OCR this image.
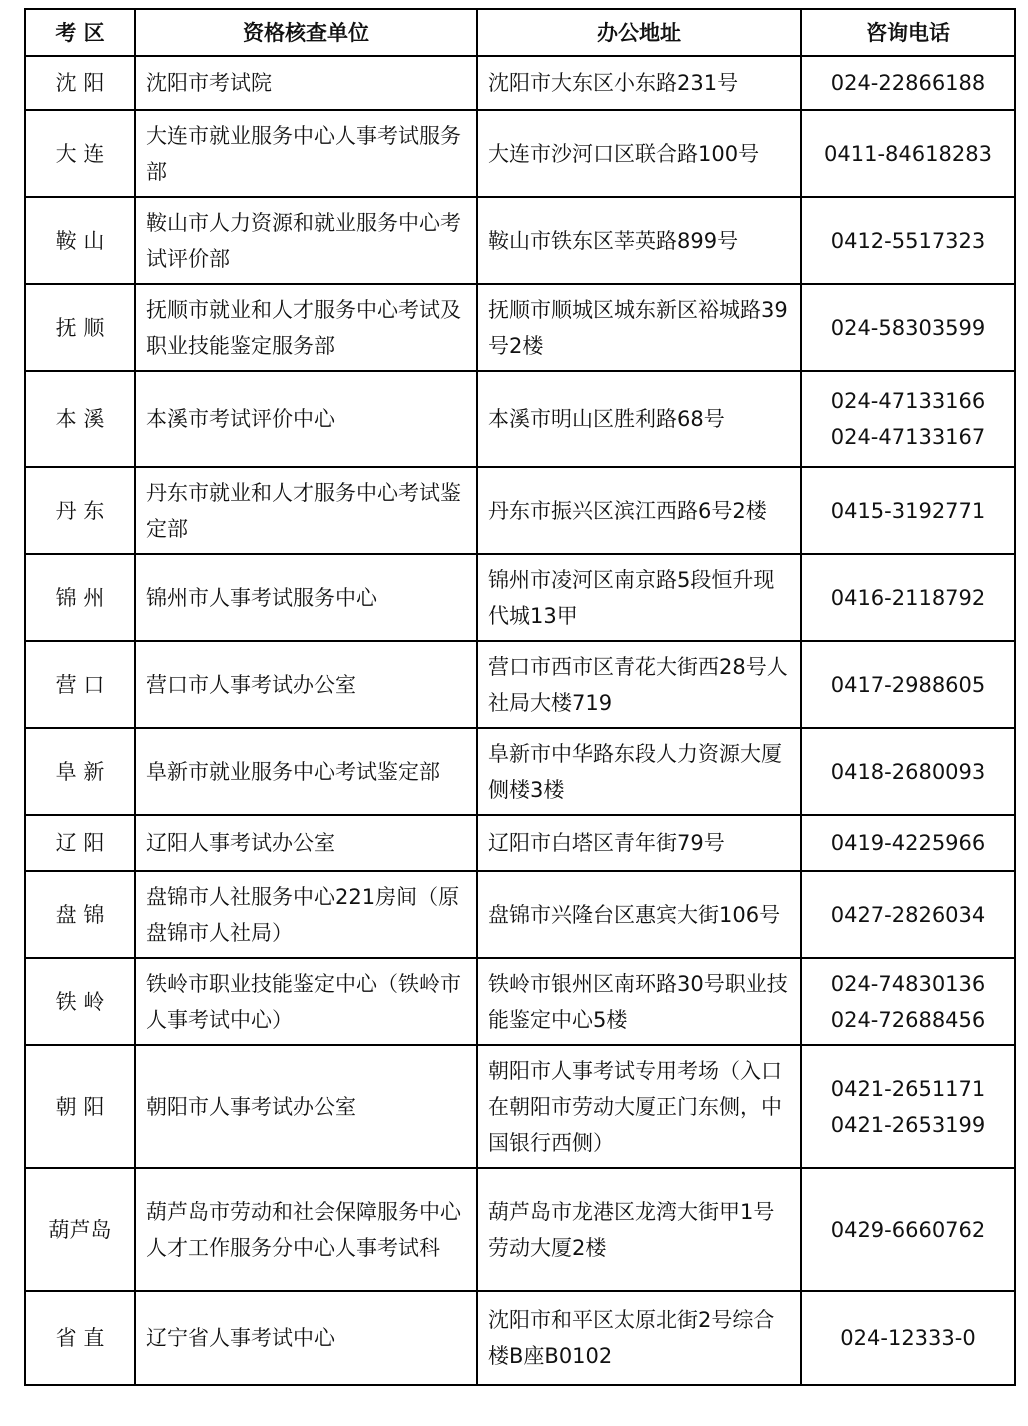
考 区	资格核查单位	办公地址	咨询电话
沈 阳	沈阳市考试院	沈阳市大东区小东路231号	024-22866188

大 连	大连市就业服务中心人事考试服务部	大连市沙河口区联合路100号	0411-84618283

鞍 山	鞍山市人力资源和就业服务中心考试评价部	鞍山市铁东区莘英路899号	0412-5517323

抚 顺	抚顺市就业和人才服务中心考试及职业技能鉴定服务部	抚顺市顺城区城东新区裕城路39号2楼	024-58303599

本 溪	本溪市考试评价中心	本溪市明山区胜利路68号	024-47133166
024-47133167

丹 东	丹东市就业和人才服务中心考试鉴定部	丹东市振兴区滨江西路6号2楼	0415-3192771

锦 州	锦州市人事考试服务中心	锦州市凌河区南京路5段恒升现代城13甲	0416-2118792

营 口	营口市人事考试办公室	营口市西市区青花大街西28号人社局大楼719	0417-2988605

阜 新	阜新市就业服务中心考试鉴定部	阜新市中华路东段人力资源大厦侧楼3楼	0418-2680093

辽 阳	辽阳人事考试办公室	辽阳市白塔区青年街79号	0419-4225966

盘 锦	盘锦市人社服务中心221房间（原盘锦市人社局）	盘锦市兴隆台区惠宾大街106号	0427-2826034

铁 岭	铁岭市职业技能鉴定中心（铁岭市人事考试中心）	铁岭市银州区南环路30号职业技能鉴定中心5楼	024-74830136
024-72688456

朝 阳	朝阳市人事考试办公室	朝阳市人事考试专用考场（入口在朝阳市劳动大厦正门东侧，中国银行西侧）	0421-2651171
0421-2653199

葫芦岛	葫芦岛市劳动和社会保障服务中心人才工作服务分中心人事考试科	葫芦岛市龙港区龙湾大街甲1号劳动大厦2楼	0429-6660762

省 直	辽宁省人事考试中心	沈阳市和平区太原北街2号综合楼B座B0102	024-12333-0
